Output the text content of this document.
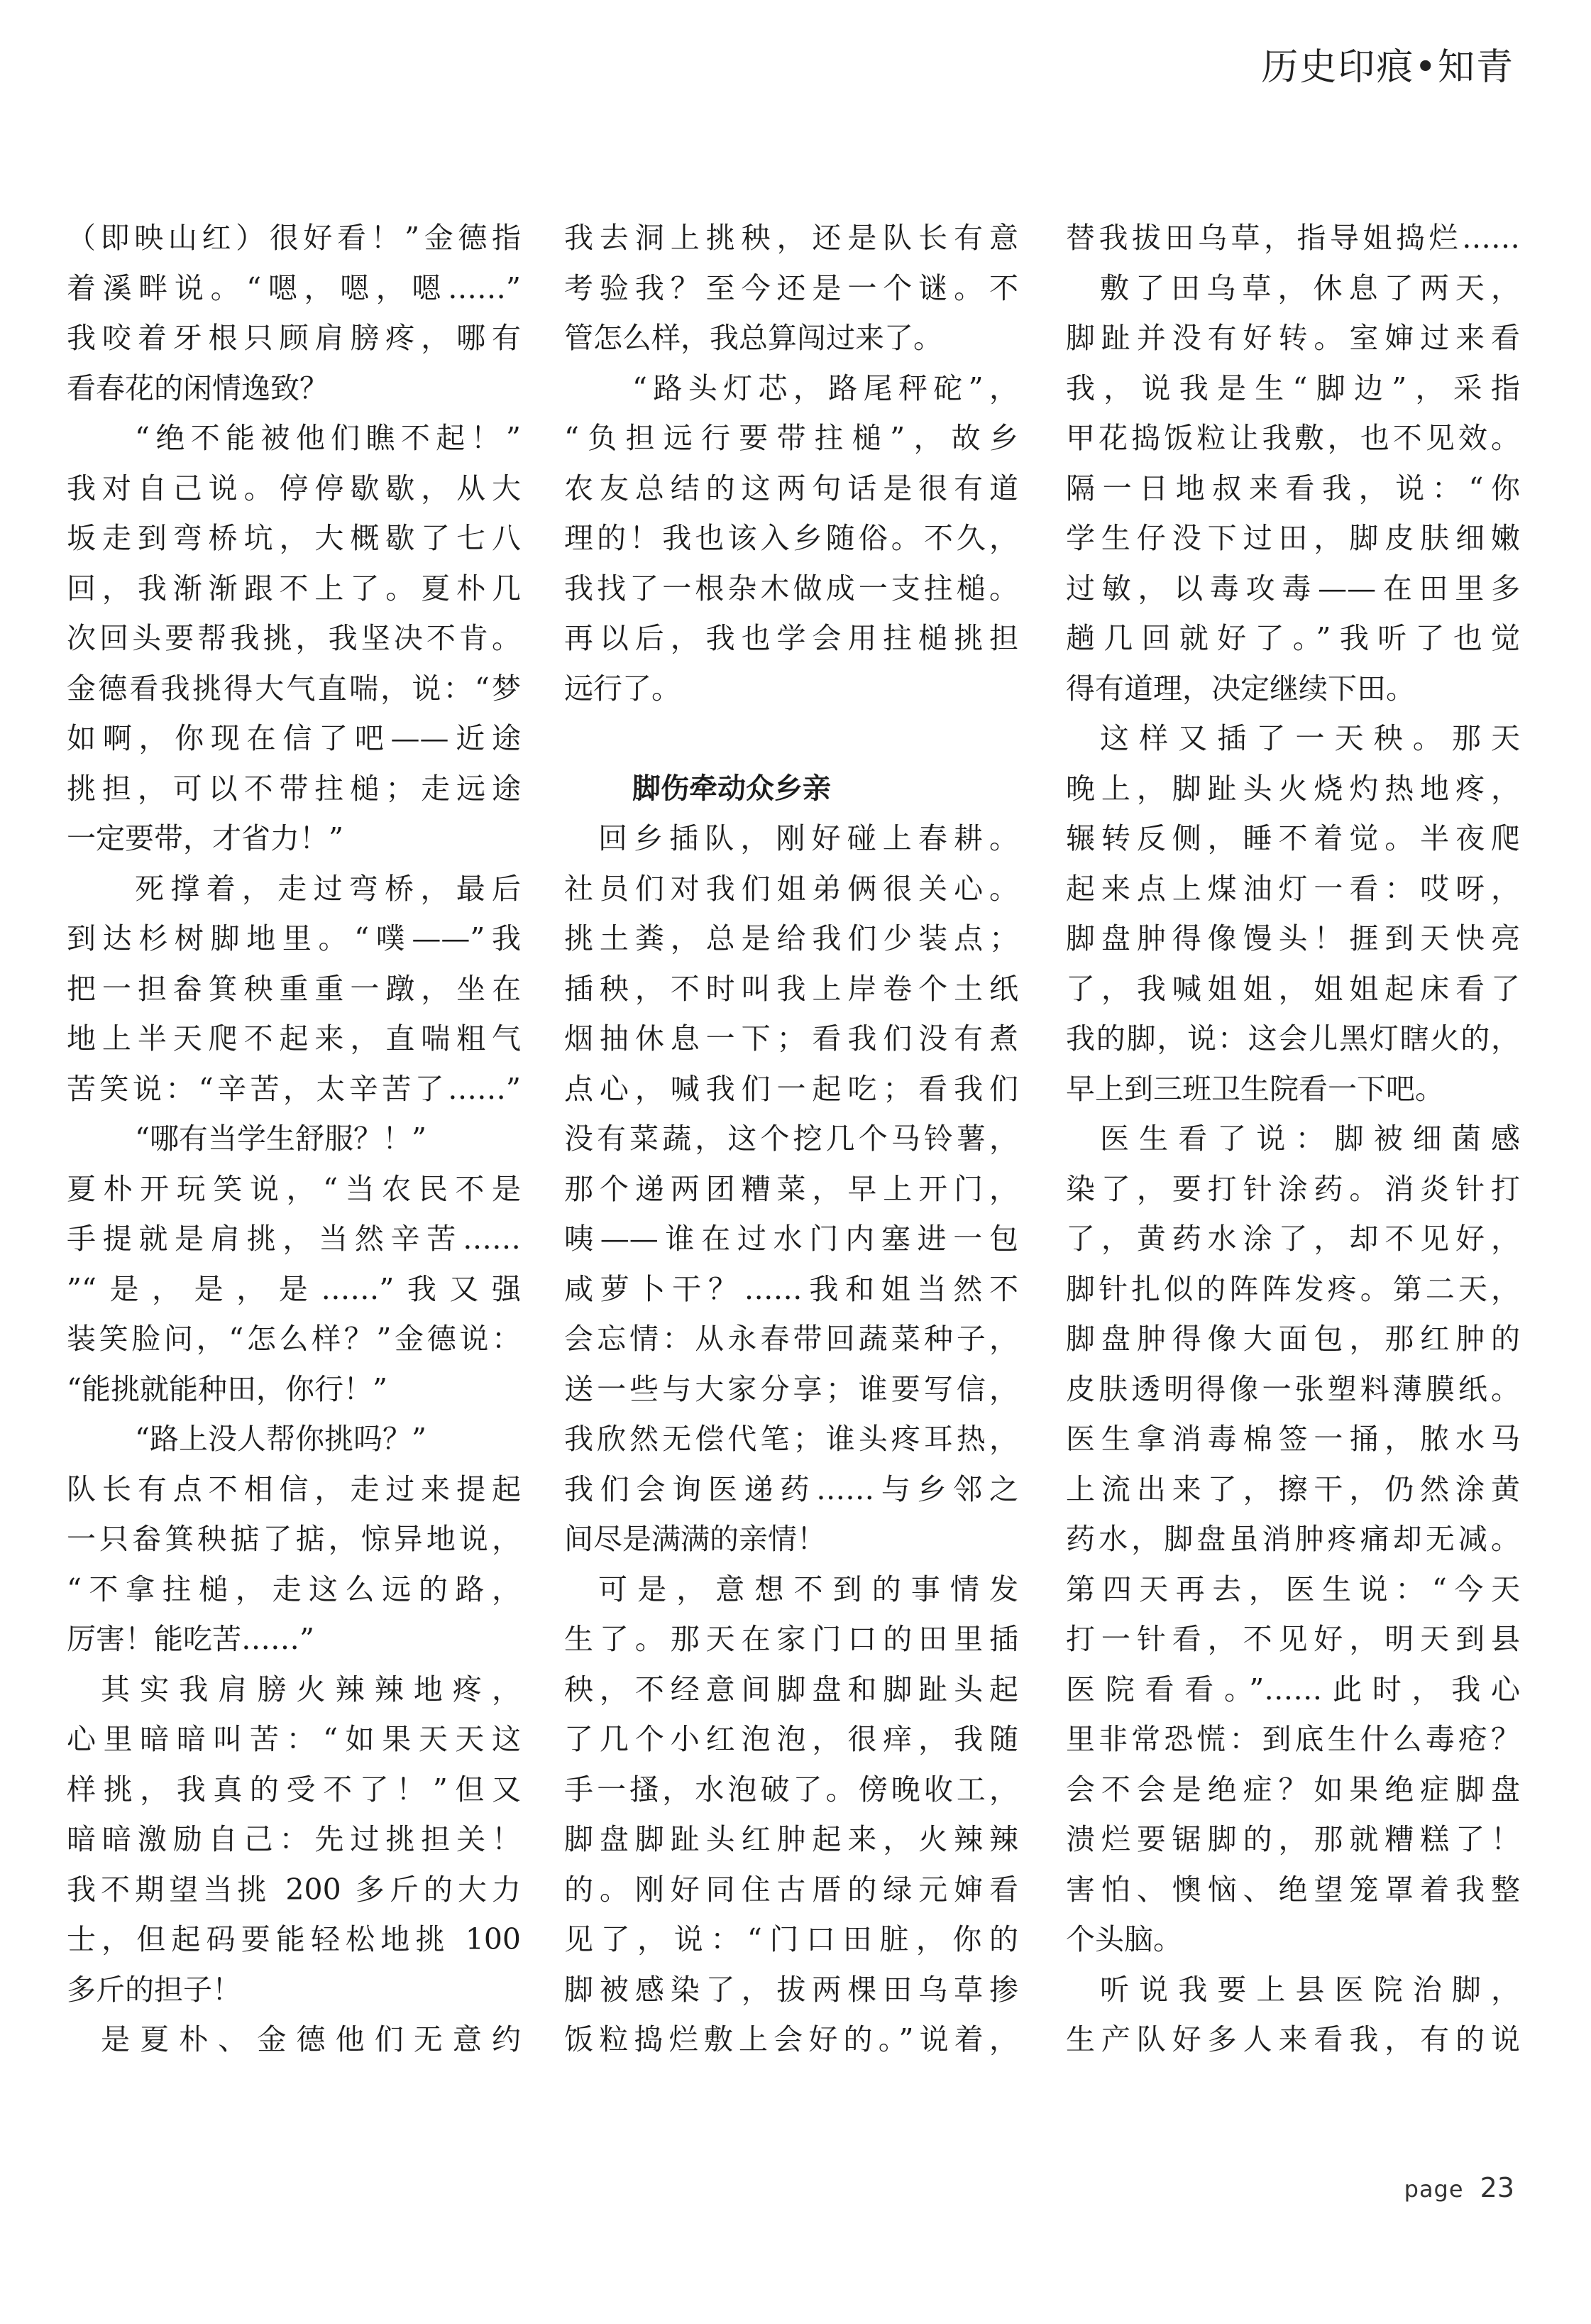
历史印痕•知青
（即映山红）很好看！”金德指
着溪畔说。“嗯，嗯，嗯……”
我咬着牙根只顾肩膀疼，哪有
看春花的闲情逸致？
“绝不能被他们瞧不起！”
我对自己说。停停歇歇，从大
坂走到弯桥坑，大概歇了七八
回，我渐渐跟不上了。夏朴几
次回头要帮我挑，我坚决不肯。
金德看我挑得大气直喘，说：“梦
如啊，你现在信了吧——近途
挑担，可以不带拄槌；走远途
一定要带，才省力！”
死撑着，走过弯桥，最后
到达杉树脚地里。“噗——”我
把一担畚箕秧重重一蹾，坐在
地上半天爬不起来，直喘粗气
苦笑说：“辛苦，太辛苦了……”
“哪有当学生舒服？！”
夏朴开玩笑说，“当农民不是
手提就是肩挑，当然辛苦……
”“是，是，是……”我又强
装笑脸问，“怎么样？”金德说：
“能挑就能种田，你行！”
“路上没人帮你挑吗？”
队长有点不相信，走过来提起
一只畚箕秧掂了掂，惊异地说，
“不拿拄槌，走这么远的路，
厉害！能吃苦……”
其实我肩膀火辣辣地疼，
心里暗暗叫苦：“如果天天这
样挑，我真的受不了！”但又
暗暗激励自己：先过挑担关！
我不期望当挑 200 多斤的大力
士，但起码要能轻松地挑 100
多斤的担子！
是夏朴、金德他们无意约
我去洞上挑秧，还是队长有意
考验我？至今还是一个谜。不
管怎么样，我总算闯过来了。
“路头灯芯，路尾秤砣”，
“负担远行要带拄槌”，故乡
农友总结的这两句话是很有道
理的！我也该入乡随俗。不久，
我找了一根杂木做成一支拄槌。
再以后，我也学会用拄槌挑担
远行了。
脚伤牵动众乡亲
回乡插队，刚好碰上春耕。
社员们对我们姐弟俩很关心。
挑土粪，总是给我们少装点；
插秧，不时叫我上岸卷个土纸
烟抽休息一下；看我们没有煮
点心，喊我们一起吃；看我们
没有菜蔬，这个挖几个马铃薯，
那个递两团糟菜，早上开门，
咦——谁在过水门内塞进一包
咸萝卜干？……我和姐当然不
会忘情：从永春带回蔬菜种子，
送一些与大家分享；谁要写信，
我欣然无偿代笔；谁头疼耳热，
我们会询医递药……与乡邻之
间尽是满满的亲情！
可是，意想不到的事情发
生了。那天在家门口的田里插
秧，不经意间脚盘和脚趾头起
了几个小红泡泡，很痒，我随
手一搔，水泡破了。傍晚收工，
脚盘脚趾头红肿起来，火辣辣
的。刚好同住古厝的绿元婶看
见了，说：“门口田脏，你的
脚被感染了，拔两棵田乌草掺
饭粒捣烂敷上会好的。”说着，
替我拔田乌草，指导姐捣烂……
敷了田乌草，休息了两天，
脚趾并没有好转。室婶过来看
我，说我是生“脚边”，采指
甲花捣饭粒让我敷，也不见效。
隔一日地叔来看我，说：“你
学生仔没下过田，脚皮肤细嫩
过敏，以毒攻毒——在田里多
趟几回就好了。”我听了也觉
得有道理，决定继续下田。
这样又插了一天秧。那天
晚上，脚趾头火烧灼热地疼，
辗转反侧，睡不着觉。半夜爬
起来点上煤油灯一看：哎呀，
脚盘肿得像馒头！捱到天快亮
了，我喊姐姐，姐姐起床看了
我的脚，说：这会儿黑灯瞎火的，
早上到三班卫生院看一下吧。
医生看了说：脚被细菌感
染了，要打针涂药。消炎针打
了，黄药水涂了，却不见好，
脚针扎似的阵阵发疼。第二天，
脚盘肿得像大面包，那红肿的
皮肤透明得像一张塑料薄膜纸。
医生拿消毒棉签一捅，脓水马
上流出来了，擦干，仍然涂黄
药水，脚盘虽消肿疼痛却无减。
第四天再去，医生说：“今天
打一针看，不见好，明天到县
医院看看。”……此时，我心
里非常恐慌：到底生什么毒疮？
会不会是绝症？如果绝症脚盘
溃烂要锯脚的，那就糟糕了！
害怕、懊恼、绝望笼罩着我整
个头脑。
听说我要上县医院治脚，
生产队好多人来看我，有的说
page 23
